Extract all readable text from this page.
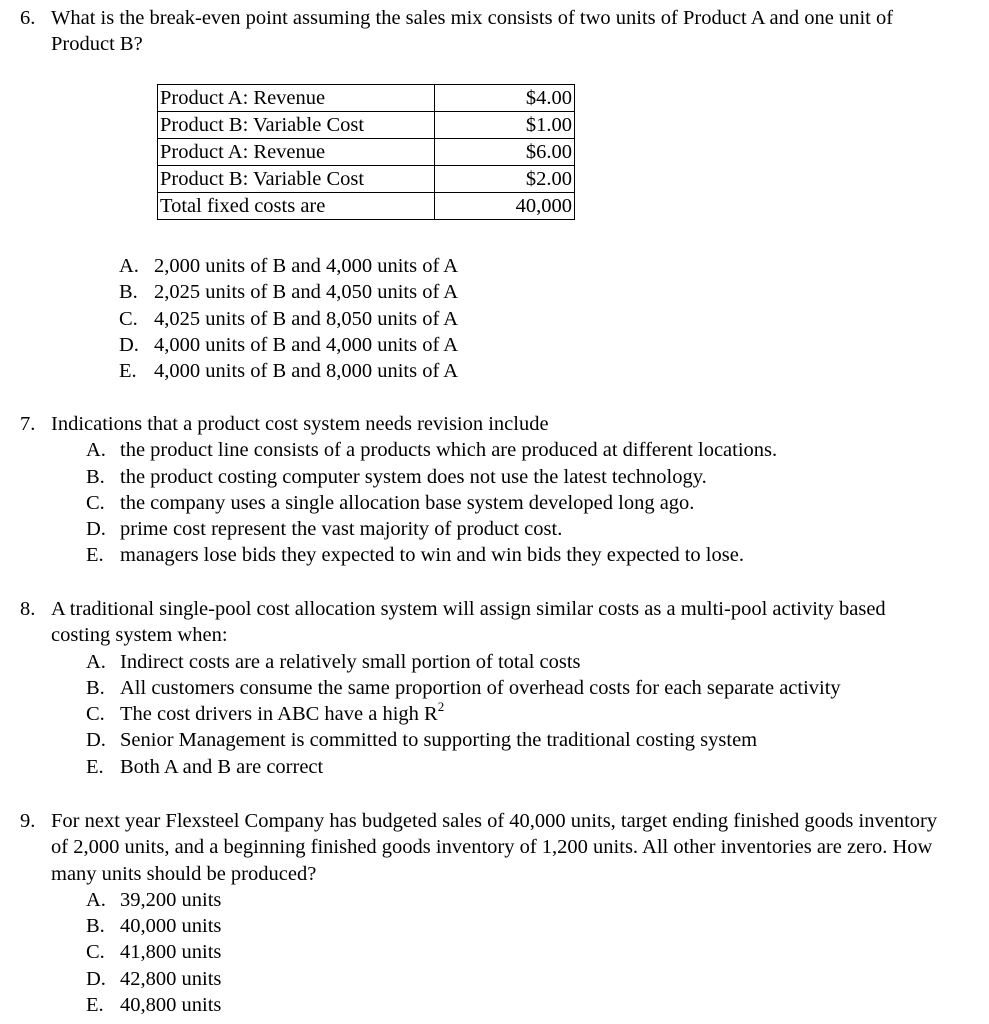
6. What is the break-even point assuming the sales mix consists of two units of Product A and one unit of Product B?
Product A: Revenue	$4.00
Product B: Variable Cost	$1.00
Product A: Revenue	$6.00
Product B: Variable Cost	$2.00
Total fixed costs are	40,000
A. 2,000 units of B and 4,000 units of A
B. 2,025 units of B and 4,050 units of A
C. 4,025 units of B and 8,050 units of A
D. 4,000 units of B and 4,000 units of A
E. 4,000 units of B and 8,000 units of A
7. Indications that a product cost system needs revision include
A. the product line consists of a products which are produced at different locations.
B. the product costing computer system does not use the latest technology.
C. the company uses a single allocation base system developed long ago.
D. prime cost represent the vast majority of product cost.
E. managers lose bids they expected to win and win bids they expected to lose.
8. A traditional single-pool cost allocation system will assign similar costs as a multi-pool activity based costing system when:
A. Indirect costs are a relatively small portion of total costs
B. All customers consume the same proportion of overhead costs for each separate activity
C. The cost drivers in ABC have a high $R^2$
D. Senior Management is committed to supporting the traditional costing system
E. Both A and B are correct
9. For next year Flexsteel Company has budgeted sales of 40,000 units, target ending finished goods inventory of 2,000 units, and a beginning finished goods inventory of 1,200 units. All other inventories are zero. How many units should be produced?
A. 39,200 units
B. 40,000 units
C. 41,800 units
D. 42,800 units
E. 40,800 units
